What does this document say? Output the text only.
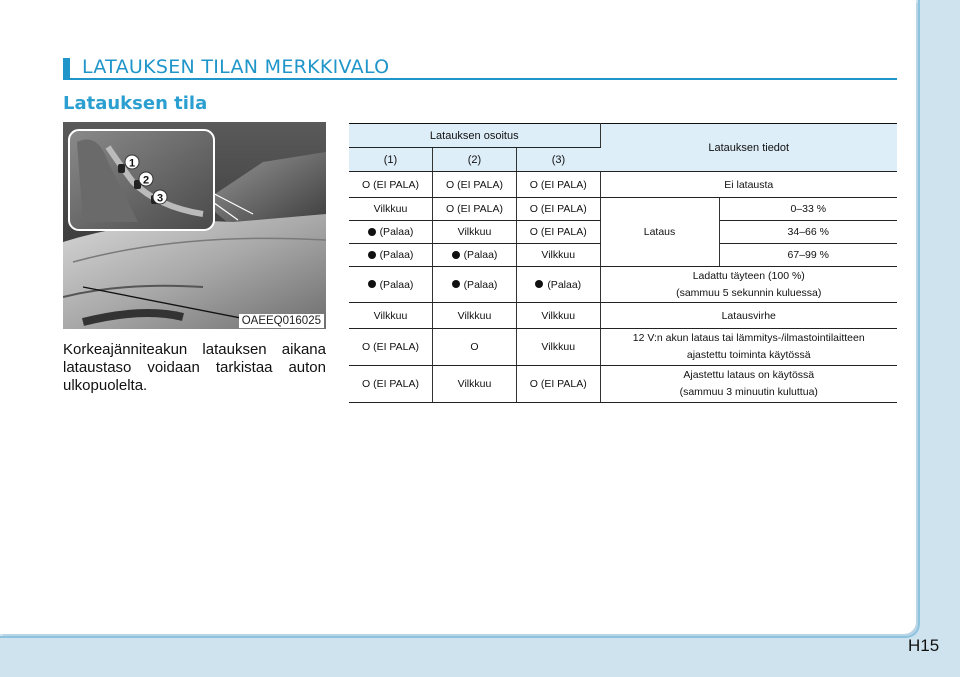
LATAUKSEN TILAN MERKKIVALO
Latauksen tila
1
2
3
OAEEQ016025
Korkeajänniteakun latauksen aikana lataustaso voidaan tarkistaa auton ulkopuolelta.
Latauksen osoitus			Latauksen tiedot	
(1)	(2)	(3)		
O (EI PALA)	O (EI PALA)	O (EI PALA)	Ei latausta	
Vilkkuu	O (EI PALA)	O (EI PALA)	Lataus	0–33 %
(Palaa)	Vilkkuu	O (EI PALA)		34–66 %
(Palaa)	(Palaa)	Vilkkuu		67–99 %
(Palaa)	(Palaa)	(Palaa)	Ladattu täyteen (100 %)
(sammuu 5 sekunnin kuluessa)	
Vilkkuu	Vilkkuu	Vilkkuu	Latausvirhe	
O (EI PALA)	O	Vilkkuu	12 V:n akun lataus tai lämmitys-/ilmastointilaitteen
ajastettu toiminta käytössä	
O (EI PALA)	Vilkkuu	O (EI PALA)	Ajastettu lataus on käytössä
(sammuu 3 minuutin kuluttua)	
H15
